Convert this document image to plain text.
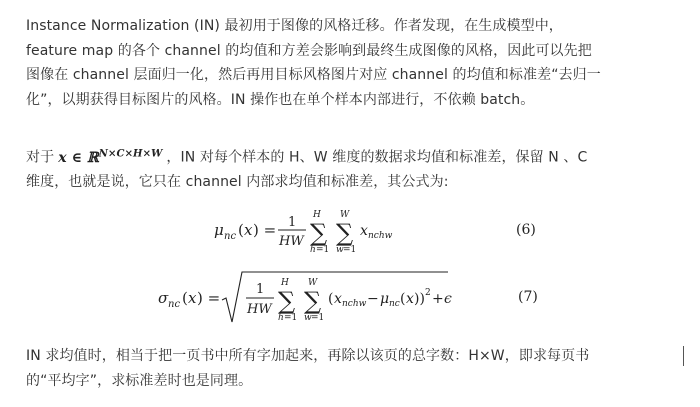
Instance Normalization (IN) 最初用于图像的风格迁移。作者发现，在生成模型中，

feature map 的各个 channel 的均值和方差会影响到最终生成图像的风格，因此可以先把

图像在 channel 层面归一化，然后再用目标风格图片对应 channel 的均值和标准差“去归一

化”，以期获得目标图片的风格。IN 操作也在单个样本内部进行，不依赖 batch。

对于 x ∈ ℝ$^{N\times C\times H\times W}$ ，IN 对每个样本的 H、W 维度的数据求均值和标准差，保留 N 、C

维度，也就是说，它只在 channel 内部求均值和标准差，其公式为:

μ nc ( x ) = 1
HW
H
∑
h =1
W
∑
w =1
x nchw	(6)
σ nc ( x ) =	1
HW
H
∑
h =1
W
∑
w =1
( x nchw − μ nc ( x )) 2 + ϵ	(7)

IN 求均值时，相当于把一页书中所有字加起来，再除以该页的总字数：H×W，即求每页书

的“平均字”，求标准差时也是同理。
